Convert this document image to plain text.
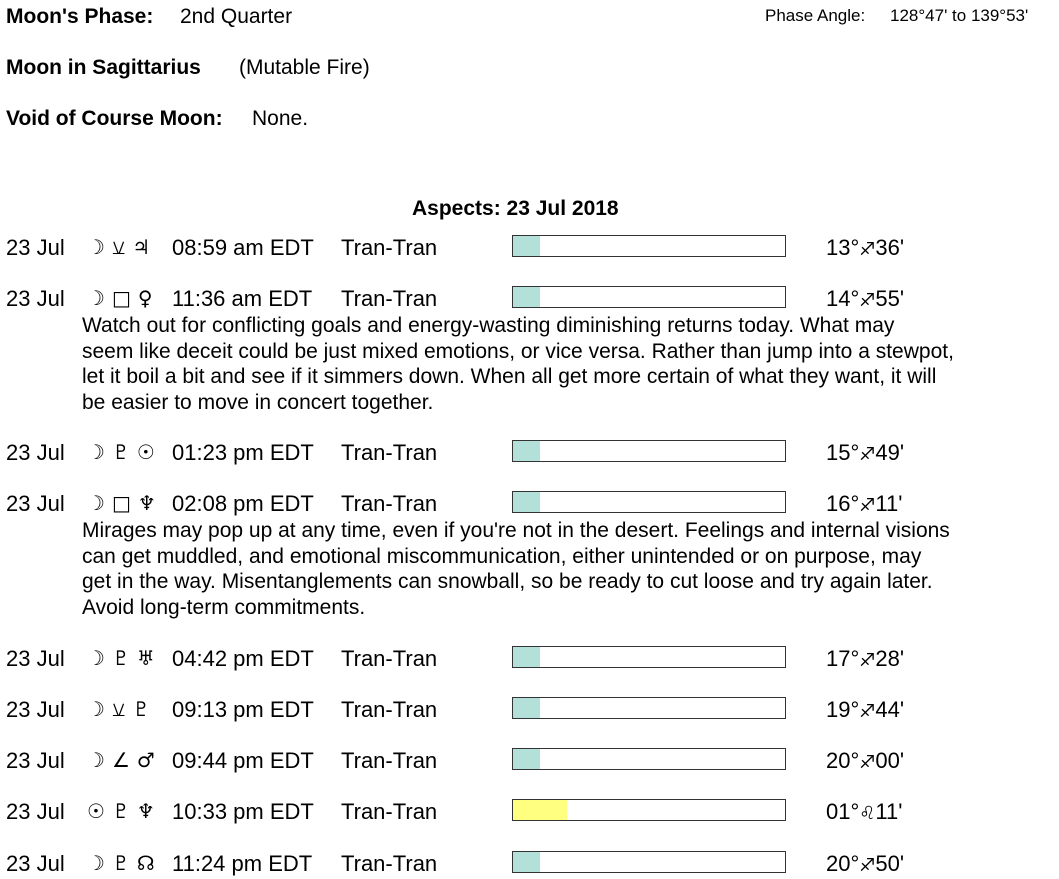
Moon's Phase: 2nd Quarter	Phase Angle: 128°47' to 139°53'
Moon in Sagittarius (Mutable Fire)
Void of Course Moon: None.
Aspects: 23 Jul 2018
23 Jul ☽ ⚺ ♃ 08:59 am EDT Tran-Tran	13°♐36'
23 Jul ☽ □ ♀ 11:36 am EDT Tran-Tran	14°♐55'
Watch out for conflicting goals and energy-wasting diminishing returns today. What may
seem like deceit could be just mixed emotions, or vice versa. Rather than jump into a stewpot,
let it boil a bit and see if it simmers down. When all get more certain of what they want, it will
be easier to move in concert together.
23 Jul ☽ ♇ ☉ 01:23 pm EDT Tran-Tran	15°♐49'
23 Jul ☽ □ ♆ 02:08 pm EDT Tran-Tran	16°♐11'
Mirages may pop up at any time, even if you're not in the desert. Feelings and internal visions
can get muddled, and emotional miscommunication, either unintended or on purpose, may
get in the way. Misentanglements can snowball, so be ready to cut loose and try again later.
Avoid long-term commitments.
23 Jul ☽ ♇ ♅ 04:42 pm EDT Tran-Tran	17°♐28'
23 Jul ☽ ⚺ ♇ 09:13 pm EDT Tran-Tran	19°♐44'
23 Jul ☽ ∠ ♂ 09:44 pm EDT Tran-Tran	20°♐00'
23 Jul ☉ ♇ ♆ 10:33 pm EDT Tran-Tran	01°♌11'
23 Jul ☽ ♇ ☊ 11:24 pm EDT Tran-Tran	20°♐50'
